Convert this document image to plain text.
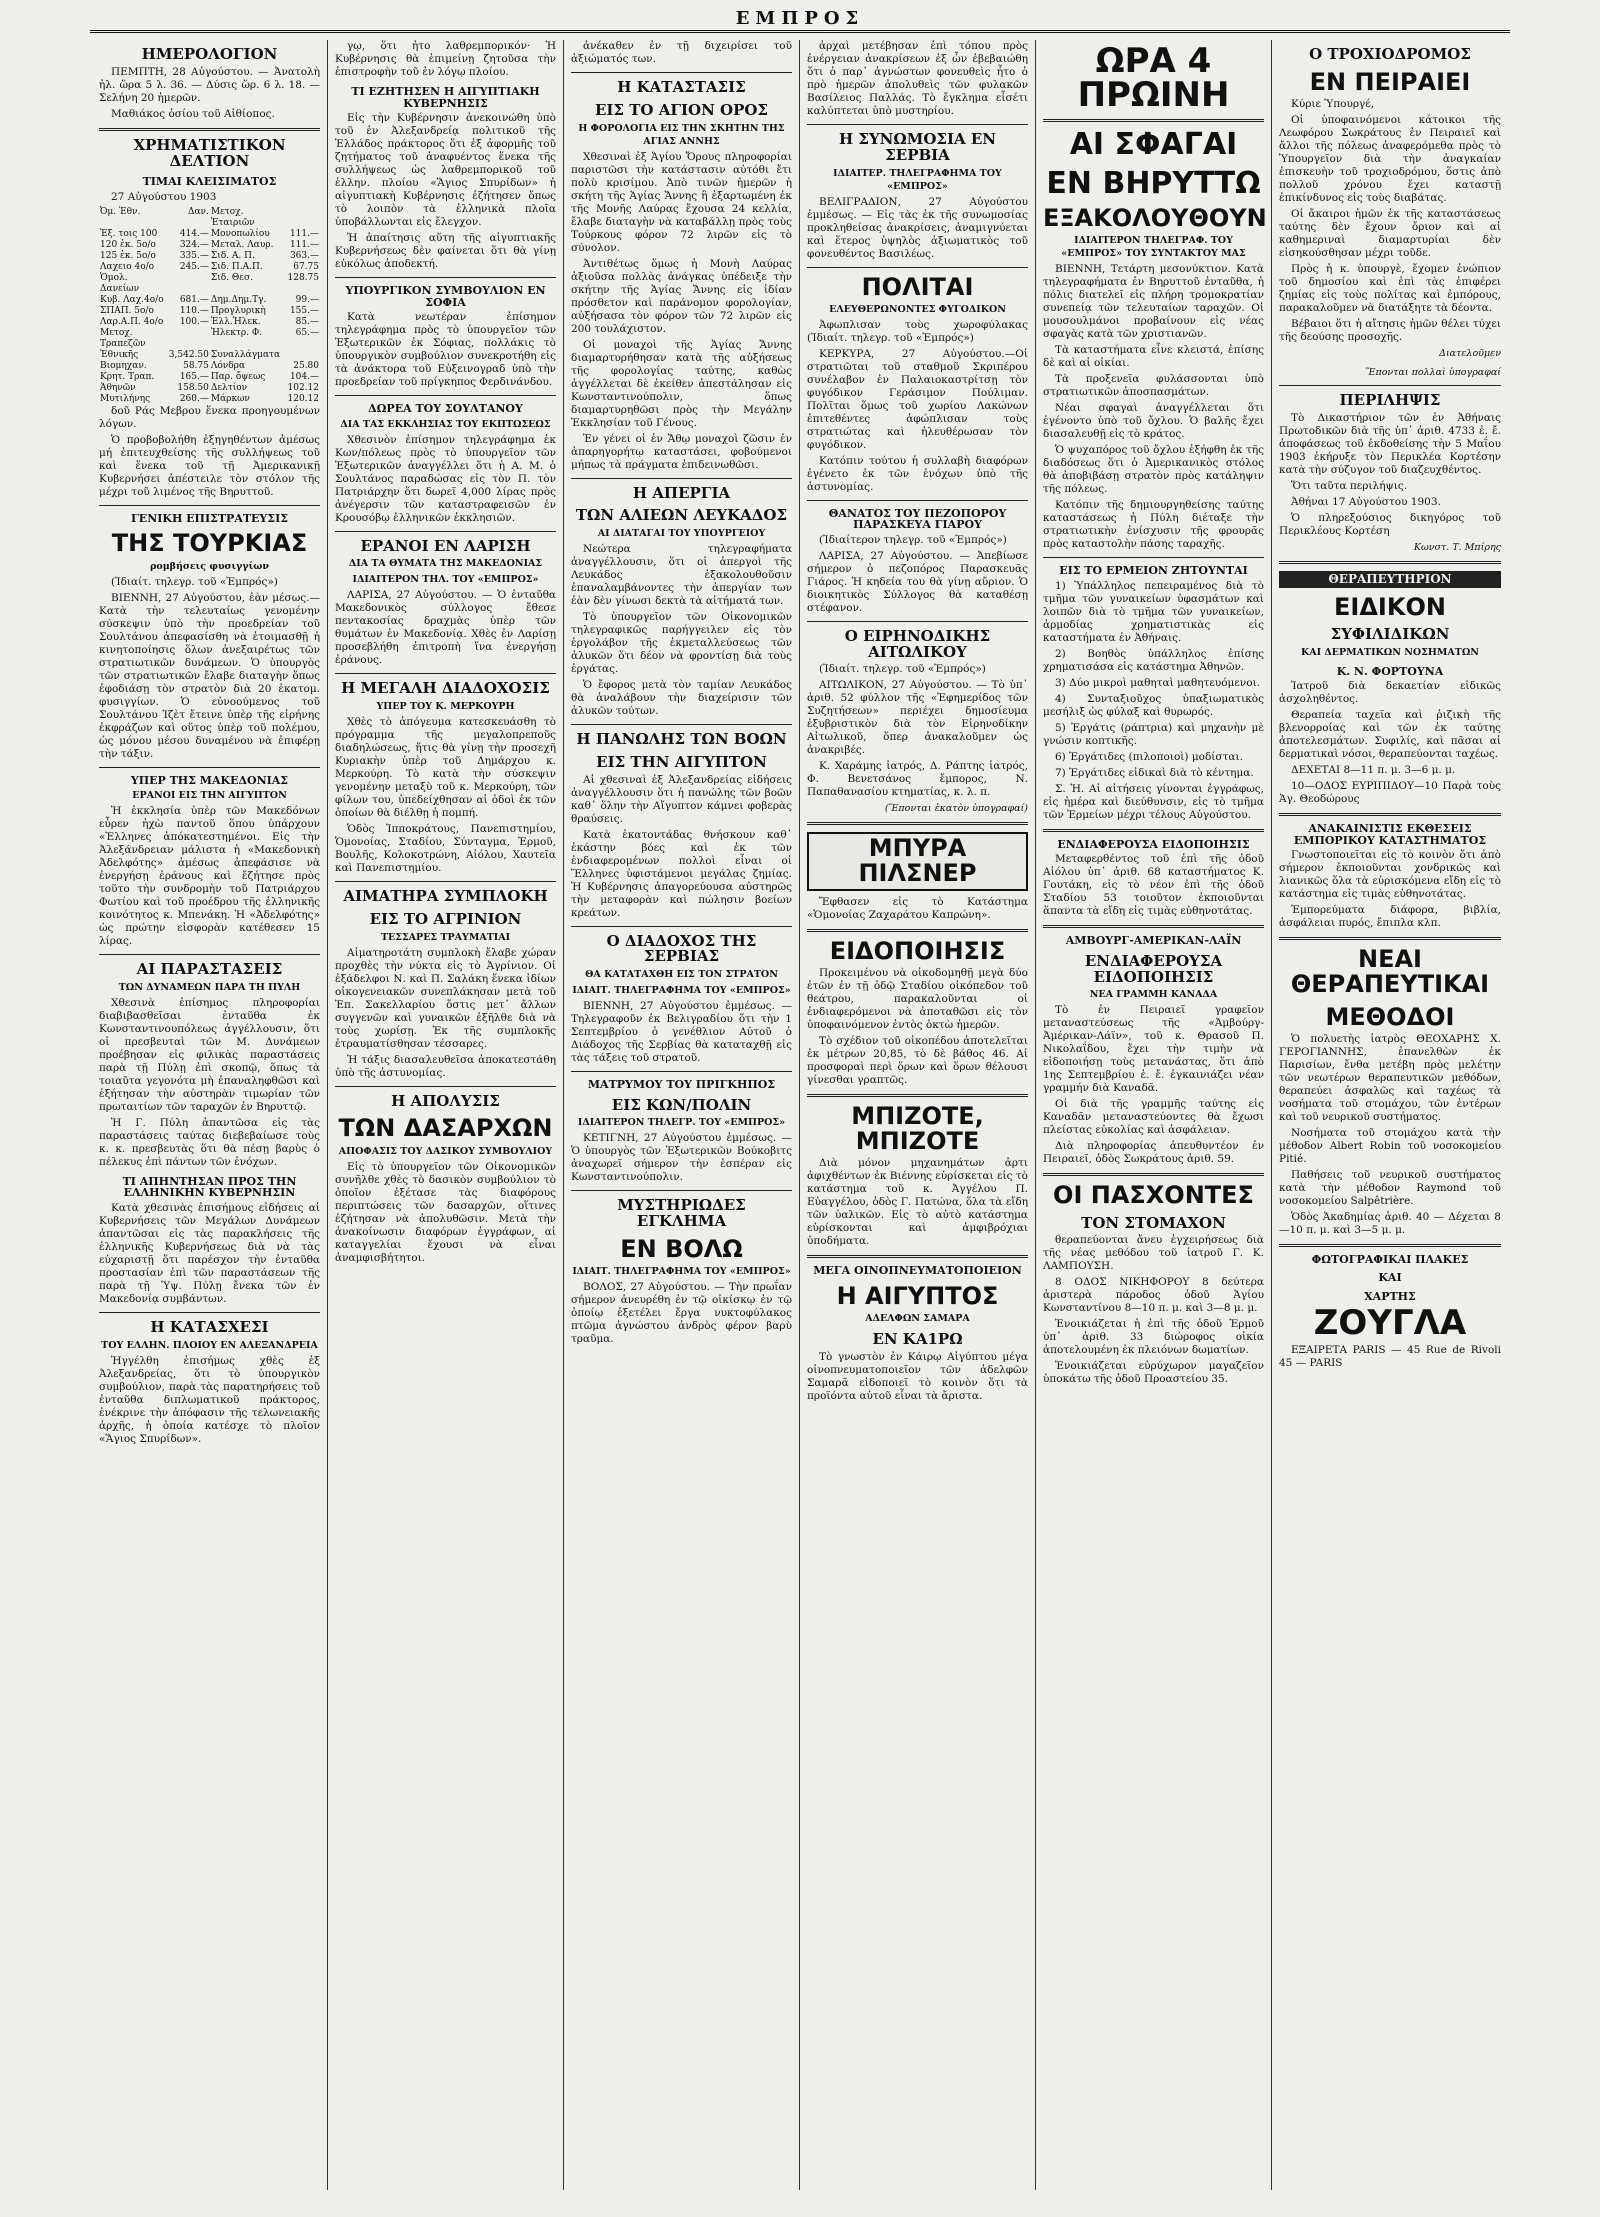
ΕΜΠΡΟΣ
ΗΜΕΡΟΛΟΓΙΟΝ
ΠΕΜΠΤΗ, 28 Αὐγούστου. — Ἀνατολὴ ἡλ. ὥρα 5 λ. 36. — Δύσις ὥρ. 6 λ. 18. — Σελήνη 20 ἡμερῶν.
Μαθιάκος ὁσίου τοῦ Αἰθίοπος.
ΧΡΗΜΑΤΙΣΤΙΚΟΝ ΔΕΛΤΙΟΝ
ΤΙΜΑΙ ΚΛΕΙΣΙΜΑΤΟΣ
27 Αὐγούστου 1903
Ὀμ. Ἐθν.	Δαν.	Μετοχ. Ἑταιριῶν	
Ἐξ. τοις 100	414.—	Μονοπωλίου	111.—
120 ἐκ. 5ο/ο	324.—	Μεταλ. Λαυρ.	111.—
125 ἐκ. 5ο/ο	335.—	Σιδ. Α. Π.	363.—
Λαχειο 4ο/ο	245.—	Σιδ. Π.Α.Π.	67.75
Ὁμολ. Δανείων		Σιδ. Θεσ.	128.75
Κυβ. Λαχ.4ο/ο	681.—	Δημ.Δημ.Τγ.	99.—
ΣΠΑΠ. 5ο/ο	110.—	Προγλυρικὴ	155.—
Λαρ.Α.Π. 4ο/ο	100.—	Ἑλλ.Ἠλεκ.	85.—
Μετοχ. Τραπεζῶν		Ἠλεκτρ. Φ.	65.—
Ἐθνικῆς	3,542.50	Συναλλάγματα	
Βιομηχαν.	58.75	Λόνδρα	25.80
Κρητ. Τραπ.	165.—	Παρ. ὄψεως	104.—
Ἀθηνῶν	158.50	Δελτίον	102.12
Μυτιλήνης	260.—	Μάρκων	120.12
δοῦ Ράς Μεβρου ἕνεκα προηγουμένων λόγων.
Ὁ προβοβολήθη ἐξηγηθέντων ἀμέσως μή ἐπιτευχθείσης τῆς συλλήψεως τοῦ καὶ ἕνεκα τοῦ τῇ Ἀμερικανικῇ Κυβερνήσει ἀπέστειλε τὸν στόλον τῆς μέχρι τοῦ λιμένος τῆς Βηρυττοῦ.
ΓΕΝΙΚΗ ΕΠΙΣΤΡΑΤΕΥΣΙΣ
ΤΗΣ ΤΟΥΡΚΙΑΣ
ρομβήσεις φυσιγγίων
(Ἰδιαίτ. τηλεγρ. τοῦ «Ἐμπρός»)
ΒΙΕΝΝΗ, 27 Αὐγούστου, ἐὰν μέσως.—Κατὰ τὴν τελευταίως γενομένην σύσκεψιν ὑπὸ τὴν προεδρείαν τοῦ Σουλτάνου ἀπεφασίσθη νὰ ἑτοιμασθῇ ἡ κινητοποίησις ὅλων ἀνεξαιρέτως τῶν στρατιωτικῶν δυνάμεων. Ὁ ὑπουργὸς τῶν στρατιωτικῶν ἔλαβε διαταγὴν ὅπως ἐφοδιάσῃ τὸν στρατὸν διὰ 20 ἑκατομ. φυσιγγίων. Ὁ εὐνοούμενος τοῦ Σουλτάνου Ἰζὲτ ἔτεινε ὑπὲρ τῆς εἰρήνης ἐκφράζων καὶ οὕτος ὑπὲρ τοῦ πολέμου, ὡς μόνου μέσου δυναμένου νὰ ἐπιφέρῃ τὴν τάξιν.
ΥΠΕΡ ΤΗΣ ΜΑΚΕΔΟΝΙΑΣ
ΕΡΑΝΟΙ ΕΙΣ ΤΗΝ ΑΙΓΥΠΤΟΝ
Ἡ ἐκκλησία ὑπὲρ τῶν Μακεδόνων εὗρεν ἠχὼ παντοῦ ὅπου ὑπάρχουν «Ἑλληνες ἀπόκατεστημένοι. Εἰς τὴν Ἀλεξάνδρειαν μάλιστα ἡ «Μακεδονικὴ Ἀδελφότης» ἀμέσως ἀπεφάσισε νὰ ἐνεργήσῃ ἐράνους καὶ ἔζήτησε πρὸς τοῦτο τὴν συνδρομὴν τοῦ Πατριάρχου Φωτίου καὶ τοῦ προέδρου τῆς ἑλληνικῆς κοινότητος κ. Μπενάκη. Ἡ «Ἀδελφότης» ὡς πρώτην εἰσφορὰν κατέθεσεν 15 λίρας.
ΑΙ ΠΑΡΑΣΤΑΣΕΙΣ
ΤΩΝ ΔΥΝΑΜΕΩΝ ΠΑΡΑ ΤΗ ΠΥΛΗ
Χθεσινὰ ἐπίσημος πληροφορίαι διαβιβασθεῖσαι ἐνταῦθα ἐκ Κωνσταντινουπόλεως ἀγγέλλουσιν, ὅτι οἱ πρεσβευταὶ τῶν Μ. Δυνάμεων προέβησαν εἰς φιλικὰς παραστάσεις παρὰ τῇ Πύλῃ ἐπὶ σκοπῷ, ὅπως τὰ τοιαῦτα γεγονότα μὴ ἐπαναληφθῶσι καὶ ἐξήτησαν τὴν αὐστηρὰν τιμωρίαν τῶν πρωταιτίων τῶν ταραχῶν ἐν Βηρυττῷ.
Ἡ Γ. Πύλη ἀπαντῶσα εἰς τὰς παραστάσεις ταύτας διεβεβαίωσε τοὺς κ. κ. πρεσβευτὰς ὅτι θὰ πέσῃ βαρὺς ὁ πέλεκυς ἐπὶ πάντων τῶν ἐνόχων.
ΤΙ ΑΠΗΝΤΗΣΑΝ ΠΡΟΣ ΤΗΝ ΕΛΛΗΝΙΚΗΝ ΚΥΒΕΡΝΗΣΙΝ
Κατὰ χθεσινὰς ἐπισήμους εἰδήσεις αἱ Κυβερνήσεις τῶν Μεγάλων Δυνάμεων ἀπαντῶσαι εἰς τὰς παρακλήσεις τῆς ἑλληνικῆς Κυβερνήσεως διὰ νὰ τὰς εὐχαριστῇ ὅτι παρέσχον τὴν ἐνταῦθα προστασίαν ἐπὶ τῶν παραστάσεων τῆς παρὰ τῇ Ὑψ. Πύλῃ ἔνεκα τῶν ἐν Μακεδονίᾳ συμβάντων.
Η ΚΑΤΑΣΧΕΣΙ
ΤΟΥ ΕΛΛΗΝ. ΠΛΟΙΟΥ ΕΝ ΑΛΕΞΑΝΔΡΕΙΑ
Ἠγγέλθη ἐπισήμως χθὲς ἐξ Ἀλεξανδρείας, ὅτι τὸ ὑπουργικὸν συμβούλιον, παρὰ τὰς παρατηρήσεις τοῦ ἐνταῦθα διπλωματικοῦ πράκτορος, ἐνέκρινε τὴν ἀπόφασιν τῆς τελωνειακῆς ἀρχῆς, ἡ ὁποία κατέσχε τὸ πλοῖον «Ἅγιος Σπυρίδων».
γῳ, ὅτι ἦτο λαθρεμπορικόν· Ἡ Κυβέρνησις θὰ ἐπιμείνῃ ζητοῦσα τὴν ἐπιστροφὴν τοῦ ἐν λόγῳ πλοίου.
ΤΙ ΕΖΗΤΗΣΕΝ Η ΑΙΓΥΠΤΙΑΚΗ ΚΥΒΕΡΝΗΣΙΣ
Εἰς τὴν Κυβέρνησιν ἀνεκοινώθη ὑπὸ τοῦ ἐν Ἀλεξανδρείᾳ πολιτικοῦ τῆς Ἑλλάδος πράκτορος ὅτι ἐξ ἀφορμῆς τοῦ ζητήματος τοῦ ἀναφυέντος ἕνεκα τῆς συλλήψεως ὡς λαθρεμπορικοῦ τοῦ ἑλλην. πλοίου «Ἅγιος Σπυρίδων» ἡ αἰγυπτιακὴ Κυβέρνησις ἐζήτησεν ὅπως τὸ λοιπὸν τὰ ἑλληνικὰ πλοῖα ὑποβάλλωνται εἰς ἔλεγχον.
Ἡ ἀπαίτησις αὕτη τῆς αἰγυπτιακῆς Κυβερνήσεως δὲν φαίνεται ὅτι θὰ γίνῃ εὐκόλως ἀποδεκτή.
ΥΠΟΥΡΓΙΚΟΝ ΣΥΜΒΟΥΛΙΟΝ ΕΝ ΣΟΦΙΑ
Κατὰ νεωτέραν ἐπίσημον τηλεγράφημα πρὸς τὸ ὑπουργεῖον τῶν Ἐξωτερικῶν ἐκ Σόφιας, πολλάκις τὸ ὑπουργικὸν συμβούλιον συνεκροτήθη εἰς τὰ ἀνάκτορα τοῦ Εὐξεινογραδ ὑπὸ τὴν προεδρείαν τοῦ πρίγκηπος Φερδινάνδου.
ΔΩΡΕΑ ΤΟΥ ΣΟΥΛΤΑΝΟΥ
ΔΙΑ ΤΑΣ ΕΚΚΛΗΣΙΑΣ ΤΟΥ ΕΚΠΤΩΣΕΩΣ
Χθεσινὸν ἐπίσημον τηλεγράφημα ἐκ Κων/πόλεως πρὸς τὸ ὑπουργεῖον τῶν Ἐξωτερικῶν ἀναγγέλλει ὅτι ἡ Α. Μ. ὁ Σουλτάνος παραδώσας εἰς τὸν Π. τὸν Πατριάρχην ὅτι δωρεῖ 4,000 λίρας πρὸς ἀνέγερσιν τῶν καταστραφεισῶν ἐν Κρουσόβῳ ἑλληνικῶν ἐκκλησιῶν.
ΕΡΑΝΟΙ ΕΝ ΛΑΡΙΣΗ
ΔΙΑ ΤΑ ΘΥΜΑΤΑ ΤΗΣ ΜΑΚΕΔΟΝΙΑΣ
ΙΔΙΑΙΤΕΡΟΝ ΤΗΛ. ΤΟΥ «ΕΜΠΡΟΣ»
ΛΑΡΙΣΑ, 27 Αὐγούστου. — Ὁ ἐνταῦθα Μακεδονικὸς σύλλογος ἔθεσε πεντακοσίας δραχμὰς ὑπὲρ τῶν θυμάτων ἐν Μακεδονίᾳ. Χθὲς ἐν Λαρίσῃ προσεβλήθη ἐπιτροπὴ ἵνα ἐνεργήσῃ ἐράνους.
Η ΜΕΓΑΛΗ ΔΙΑΔΟΧΟΣΙΣ
ΥΠΕΡ ΤΟΥ Κ. ΜΕΡΚΟΥΡΗ
Χθὲς τὸ ἀπόγευμα κατεσκευάσθη τὸ πρόγραμμα τῆς μεγαλοπρεποῦς διαδηλώσεως, ἥτις θὰ γίνῃ τὴν προσεχῆ Κυριακὴν ὑπὲρ τοῦ Δημάρχου κ. Μερκούρη. Τὸ κατὰ τὴν σύσκεψιν γενομένην μεταξὺ τοῦ κ. Μερκούρη, τῶν φίλων του, ὑπεδείχθησαν αἱ ὁδοὶ ἐκ τῶν ὁποίων θὰ διέλθῃ ἡ πομπή.
Ὁδὸς Ἱπποκράτους, Πανεπιστημίου, Ὁμονοίας, Σταδίου, Σύνταγμα, Ἑρμοῦ, Βουλῆς, Κολοκοτρώνη, Αἰόλου, Χαυτεῖα καὶ Πανεπιστημίου.
ΑΙΜΑΤΗΡΑ ΣΥΜΠΛΟΚΗ
ΕΙΣ ΤΟ ΑΓΡΙΝΙΟΝ
ΤΕΣΣΑΡΕΣ ΤΡΑΥΜΑΤΙΑΙ
Αἱματηροτάτη συμπλοκὴ ἔλαβε χώραν προχθὲς τὴν νύκτα εἰς τὸ Ἀγρίνιον. Οἱ ἐξάδελφοι Ν. καὶ Π. Σαλάκη ἕνεκα ἰδίων οἰκογενειακῶν συνεπλάκησαν μετὰ τοῦ Ἐπ. Σακελλαρίου ὅστις μετ᾽ ἄλλων συγγενῶν καὶ γυναικῶν ἐξῆλθε διὰ νὰ τοὺς χωρίσῃ. Ἐκ τῆς συμπλοκῆς ἐτραυματίσθησαν τέσσαρες.
Ἡ τάξις διασαλευθεῖσα ἀποκατεστάθη ὑπὸ τῆς ἀστυνομίας.
Η ΑΠΟΛΥΣΙΣ
ΤΩΝ ΔΑΣΑΡΧΩΝ
ΑΠΟΦΑΣΙΣ ΤΟΥ ΔΑΣΙΚΟΥ ΣΥΜΒΟΥΛΙΟΥ
Εἰς τὸ ὑπουργεῖον τῶν Οἰκονομικῶν συνῆλθε χθὲς τὸ δασικὸν συμβούλιον τὸ ὁποῖον ἐξέτασε τὰς διαφόρους περιπτώσεις τῶν δασαρχῶν, οἵτινες ἐζήτησαν νὰ ἀπολυθῶσιν. Μετὰ τὴν ἀνακοίνωσιν διαφόρων ἐγγράφων, αἱ καταγγελίαι ἔχουσι νὰ εἶναι ἀναμφισβήτητοι.
ἀνέκαθεν ἐν τῇ διχειρίσει τοῦ ἀξιώματός των.
Η ΚΑΤΑΣΤΑΣΙΣ
ΕΙΣ ΤΟ ΑΓΙΟΝ ΟΡΟΣ
Η ΦΟΡΟΛΟΓΙΑ ΕΙΣ ΤΗΝ ΣΚΗΤΗΝ ΤΗΣ ΑΓΙΑΣ ΑΝΝΗΣ
Χθεσιναὶ ἐξ Ἁγίου Ὄρους πληροφορίαι παριστῶσι τὴν κατάστασιν αὐτόθι ἔτι πολὺ κρισίμου. Ἀπὸ τινῶν ἡμερῶν ἡ σκήτη τῆς Ἁγίας Ἄννης ἢ ἐξαρτωμένη ἐκ τῆς Μονῆς Λαύρας ἔχουσα 24 κελλία, ἔλαβε διαταγὴν νὰ καταβάλλῃ πρὸς τοὺς Τούρκους φόρον 72 λιρῶν εἰς τὸ σύνολον.
Ἀντιθέτως ὅμως ἡ Μονὴ Λαύρας ἀξιοῦσα πολλὰς ἀνάγκας ὑπέδειξε τὴν σκήτην τῆς Ἁγίας Ἄννης εἰς ἰδίαν πρόσθετον καὶ παράνομον φορολογίαν, αὐξήσασα τὸν φόρον τῶν 72 λιρῶν εἰς 200 τουλάχιστον.
Οἱ μοναχοὶ τῆς Ἁγίας Ἄννης διαμαρτυρήθησαν κατὰ τῆς αὐξήσεως τῆς φορολογίας ταύτης, καθὼς ἀγγέλλεται δὲ ἐκείθεν ἀπεστάλησαν εἰς Κωνσταντινούπολιν, ὅπως διαμαρτυρηθῶσι πρὸς τὴν Μεγάλην Ἐκκλησίαν τοῦ Γένους.
Ἐν γένει οἱ ἐν Ἄθῳ μοναχοὶ ζῶσιν ἐν ἀπαρηγορήτῳ καταστάσει, φοβούμενοι μήπως τὰ πράγματα ἐπιδεινωθῶσι.
Η ΑΠΕΡΓΙΑ
ΤΩΝ ΑΛΙΕΩΝ ΛΕΥΚΑΔΟΣ
ΑΙ ΔΙΑΤΑΓΑΙ ΤΟΥ ΥΠΟΥΡΓΕΙΟΥ
Νεώτερα τηλεγραφήματα ἀναγγέλλουσιν, ὅτι οἱ ἀπεργοὶ τῆς Λευκάδος ἐξακολουθοῦσιν ἐπαναλαμβάνοντες τὴν ἀπεργίαν των ἐὰν δὲν γίνωσι δεκτὰ τὰ αἰτήματά των.
Τὸ ὑπουργεῖον τῶν Οἰκονομικῶν τηλεγραφικῶς παρήγγειλεν εἰς τὸν ἐργολάβον τῆς ἐκμεταλλεύσεως τῶν ἀλυκῶν ὅτι δέον νὰ φροντίσῃ διὰ τοὺς ἐργάτας.
Ὁ ἔφορος μετὰ τὸν ταμίαν Λευκάδος θὰ ἀναλάβουν τὴν διαχείρισιν τῶν ἀλυκῶν τούτων.
Η ΠΑΝΩΛΗΣ ΤΩΝ ΒΟΩΝ
ΕΙΣ ΤΗΝ ΑΙΓΥΠΤΟΝ
Αἱ χθεσιναὶ ἐξ Ἀλεξανδρείας εἰδήσεις ἀναγγέλλουσιν ὅτι ἡ πανώλης τῶν βοῶν καθ᾽ ὅλην τὴν Αἴγυπτον κάμνει φοβερὰς θραύσεις.
Κατὰ ἑκατοντάδας θνήσκουν καθ᾽ ἑκάστην βόες καὶ ἐκ τῶν ἐνδιαφερομένων πολλοὶ εἶναι οἱ Ἕλληνες ὑφιστάμενοι μεγάλας ζημίας. Ἡ Κυβέρνησις ἀπαγορεύουσα αὐστηρῶς τὴν μεταφορὰν καὶ πώλησιν βοείων κρεάτων.
Ο ΔΙΑΔΟΧΟΣ ΤΗΣ ΣΕΡΒΙΑΣ
ΘΑ ΚΑΤΑΤΑΧΘΗ ΕΙΣ ΤΟΝ ΣΤΡΑΤΟΝ
ΙΔΙΑΙΤ. ΤΗΛΕΓΡΑΦΗΜΑ ΤΟΥ «ΕΜΠΡΟΣ»
ΒΙΕΝΝΗ, 27 Αὐγούστου ἐμμέσως. — Τηλεγραφοῦν ἐκ Βελιγραδίου ὅτι τὴν 1 Σεπτεμβρίου ὁ γενέθλιον Αὐτοῦ ὁ Διάδοχος τῆς Σερβίας θὰ καταταχθῇ εἰς τὰς τάξεις τοῦ στρατοῦ.
ΜΑΤΡΥΜΟΥ ΤΟΥ ΠΡΙΓΚΗΠΟΣ
ΕΙΣ ΚΩΝ/ΠΟΛΙΝ
ΙΔΙΑΙΤΕΡΟΝ ΤΗΛΕΓΡ. ΤΟΥ «ΕΜΠΡΟΣ»
ΚΕΤΙΓΝΗ, 27 Αὐγούστου ἐμμέσως. — Ὁ ὑπουργὸς τῶν Ἐξωτερικῶν Βούκοβιτς ἀναχωρεῖ σήμερον τὴν ἑσπέραν εἰς Κωνσταντινούπολιν.
ΜΥΣΤΗΡΙΩΔΕΣ ΕΓΚΛΗΜΑ
ΕΝ ΒΟΛΩ
ΙΔΙΑΙΤ. ΤΗΛΕΓΡΑΦΗΜΑ ΤΟΥ «ΕΜΠΡΟΣ»
ΒΟΛΟΣ, 27 Αὐγούστου. — Τὴν πρωΐαν σήμερον ἀνευρέθη ἐν τῷ οἰκίσκῳ ἐν τῷ ὁποίῳ ἐξετέλει ἔργα νυκτοφύλακος πτῶμα ἀγνώστου ἀνδρὸς φέρον βαρὺ τραῦμα.
ἀρχαὶ μετέβησαν ἐπὶ τόπου πρὸς ἐνέργειαν ἀνακρίσεων ἐξ ὧν ἐβεβαιώθη ὅτι ὁ παρ᾽ ἀγνώστων φονευθεὶς ἦτο ὁ πρὸ ἡμερῶν ἀπολυθεὶς τῶν φυλακῶν Βασίλειος Παλλάς. Τὸ ἔγκλημα εἶσέτι καλύπτεται ὑπὸ μυστηρίου.
Η ΣΥΝΩΜΟΣΙΑ ΕΝ ΣΕΡΒΙΑ
ΙΔΙΑΙΤΕΡ. ΤΗΛΕΓΡΑΦΗΜΑ ΤΟΥ «ΕΜΠΡΟΣ»
ΒΕΛΙΓΡΑΔΙΟΝ, 27 Αὐγούστου ἐμμέσως. — Εἰς τὰς ἐκ τῆς συνωμοσίας προκληθείσας ἀνακρίσεις, ἀναμιγνύεται καὶ ἕτερος ὑψηλὸς ἀξιωματικὸς τοῦ φονευθέντος Βασιλέως.
ΠΟΛΙΤΑΙ
ΕΛΕΥΘΕΡΩΝΟΝΤΕΣ ΦΥΓΟΔΙΚΟΝ
Ἀφωπλισαν τοὺς χωροφύλακας (Ἰδιαίτ. τηλεγρ. τοῦ «Ἐμπρός»)
ΚΕΡΚΥΡΑ, 27 Αὐγούστου.—Οἱ στρατιῶται τοῦ σταθμοῦ Σκριπέρου συνέλαβον ἐν Παλαιοκαστρίτσῃ τὸν φυγόδικον Γεράσιμον Πούλιμαν. Πολῖται ὅμως τοῦ χωρίου Λακώνων ἐπιτεθέντες ἀφώπλισαν τοὺς στρατιώτας καὶ ἠλευθέρωσαν τὸν φυγόδικον.
Κατόπιν τούτου ἡ συλλαβὴ διαφόρων ἐγένετο ἐκ τῶν ἐνόχων ὑπὸ τῆς ἀστυνομίας.
ΘΑΝΑΤΟΣ ΤΟΥ ΠΕΖΟΠΟΡΟΥ ΠΑΡΑΣΚΕΥΑ ΓΙΑΡΟΥ
(Ἰδιαίτερον τηλεγρ. τοῦ «Ἐμπρός»)
ΛΑΡΙΣΑ, 27 Αὐγούστου. — Ἀπεβίωσε σήμερον ὁ πεζοπόρος Παρασκευᾶς Γιάρος. Ἡ κηδεία του θὰ γίνῃ αὔριον. Ὁ διοικητικὸς Σύλλογος θὰ καταθέσῃ στέφανον.
Ο ΕΙΡΗΝΟΔΙΚΗΣ ΑΙΤΩΛΙΚΟΥ
(Ἰδιαίτ. τηλεγρ. τοῦ «Ἐμπρός»)
ΑΙΤΩΛΙΚΟΝ, 27 Αὐγούστου. — Τὸ ὑπ᾽ ἀριθ. 52 φύλλον τῆς «Ἐφημερίδος τῶν Συζητήσεων» περιέχει δημοσίευμα ἐξυβριστικὸν διὰ τὸν Εἰρηνοδίκην Αἰτωλικοῦ, ὅπερ ἀνακαλοῦμεν ὡς ἀνακριβές.
Κ. Χαράμης ἰατρός, Δ. Ράπτης ἰατρός, Φ. Βενετσάνος ἔμπορος, Ν. Παπαθανασίου κτηματίας, κ. λ. π.
(Ἕπονται ἑκατὸν ὑπογραφαί)
ΜΠΥΡΑ ΠΙΛΣΝΕΡ
Ἔφθασεν εἰς τὸ Κατάστημα «Ὁμονοίας Ζαχαράτου Καπρώνη».
ΕΙΔΟΠΟΙΗΣΙΣ
Προκειμένου νὰ οἰκοδομηθῇ μεγὰ δύο ἐτῶν ἐν τῇ ὁδῷ Σταδίου οἰκόπεδον τοῦ θεάτρου, παρακαλοῦνται οἱ ἐνδιαφερόμενοι νὰ ἀποταθῶσι εἰς τὸν ὑποφαινόμενον ἐντὸς ὀκτὼ ἡμερῶν.
Τὸ σχέδιον τοῦ οἰκοπέδου ἀποτελεῖται ἐκ μέτρων 20,85, τὸ δὲ βάθος 46. Αἱ προσφοραὶ περὶ ὅρων καὶ ὅρων θέλουσι γίνεσθαι γραπτῶς.
ΜΠΙΖΟΤΕ, ΜΠΙΖΟΤΕ
Διὰ μόνον μηχανημάτων ἀρτι ἀφιχθέντων ἐκ Βιέννης εὑρίσκεται εἰς τὸ κατάστημα τοῦ κ. Ἀγγέλου Π. Εὐαγγέλου, ὁδὸς Γ. Πατώνα, ὅλα τὰ εἴδη τῶν ὑαλικῶν. Εἰς τὸ αὐτὸ κατάστημα εὑρίσκονται καὶ ἀμφιβρόχιαι ὑποδήματα.
ΜΕΓΑ ΟΙΝΟΠΝΕΥΜΑΤΟΠΟΙΕΙΟΝ
Η ΑΙΓΥΠΤΟΣ
ΑΔΕΛΦΩΝ ΣΑΜΑΡΑ
ΕΝ ΚΑ1ΡΩ
Τὸ γνωστὸν ἐν Κάιρῳ Αἰγύπτου μέγα οἰνοπνευματοποιεῖον τῶν ἀδελφῶν Σαμαρᾶ εἰδοποιεῖ τὸ κοινὸν ὅτι τὰ προϊόντα αὐτοῦ εἶναι τὰ ἄριστα.
ΩΡΑ 4 ΠΡΩΙΝΗ
ΑΙ ΣΦΑΓΑΙ
ΕΝ ΒΗΡΥΤΤΩ
ΕΞΑΚΟΛΟΥΘΟΥΝ
ΙΔΙΑΙΤΕΡΟΝ ΤΗΛΕΓΡΑΦ. ΤΟΥ «ΕΜΠΡΟΣ» ΤΟΥ ΣΥΝΤΑΚΤΟΥ ΜΑΣ
ΒΙΕΝΝΗ, Τετάρτη μεσονύκτιον. Κατὰ τηλεγραφήματα ἐν Βηρυττοῦ ἐνταῦθα, ἡ πόλις διατελεῖ εἰς πλήρη τρομοκρατίαν συνεπείᾳ τῶν τελευταίων ταραχῶν. Οἱ μουσουλμάνοι προβαίνουν εἰς νέας σφαγὰς κατὰ τῶν χριστιανῶν.
Τὰ καταστήματα εἶνε κλειστά, ἐπίσης δὲ καὶ αἱ οἰκίαι.
Τὰ προξενεῖα φυλάσσονται ὑπὸ στρατιωτικῶν ἀποσπασμάτων.
Νέαι σφαγαὶ ἀναγγέλλεται ὅτι ἐγένοντο ὑπὸ τοῦ ὄχλου. Ὁ βαλῆς ἔχει διασαλευθῇ εἰς τὸ κράτος.
Ὁ ψυχαπόρος τοῦ ὄχλου ἐξήφθη ἐκ τῆς διαδόσεως ὅτι ὁ Ἀμερικανικὸς στόλος θὰ ἀποβιβάσῃ στρατὸν πρὸς κατάληψιν τῆς πόλεως.
Κατόπιν τῆς δημιουργηθείσης ταύτης καταστάσεως ἡ Πύλη διέταξε τὴν στρατιωτικὴν ἐνίσχυσιν τῆς φρουρᾶς πρὸς καταστολὴν πάσης ταραχῆς.
ΕΙΣ ΤΟ ΕΡΜΕΙΟΝ ΖΗΤΟΥΝΤΑΙ
1) Ὑπάλληλος πεπειραμένος διὰ τὸ τμῆμα τῶν γυναικείων ὑφασμάτων καὶ λοιπῶν διὰ τὸ τμῆμα τῶν γυναικείων, ἀρμοδίας χρηματιστικὰς εἰς καταστήματα ἐν Ἀθήναις.
2) Βοηθὸς ὑπάλληλος ἐπίσης χρηματισάσα εἰς κατάστημα Ἀθηνῶν.
3) Δύο μικροὶ μαθηταὶ μαθητευόμενοι.
4) Συνταξιοῦχος ὑπαξιωματικὸς μεσήλιξ ὡς φύλαξ καὶ θυρωρός.
5) Ἐργάτις (ράπτρια) καὶ μηχανὴν μὲ γνώσιν κοπτικῆς.
6) Ἐργάτιδες (πιλοποιοὶ) μοδίσται.
7) Ἐργάτιδες εἰδικαὶ διὰ τὸ κέντημα.
Σ. Ἡ. Αἱ αἰτήσεις γίνονται ἐγγράφως, εἰς ἡμέρα καὶ διεύθυνσιν, εἰς τὸ τμῆμα τῶν Ἐρμείων μέχρι τέλους Αὐγούστου.
ΕΝΔΙΑΦΕΡΟΥΣΑ ΕΙΔΟΠΟΙΗΣΙΣ
Μεταφερθέντος τοῦ ἐπὶ τῆς ὁδοῦ Αἰόλου ὑπ᾽ ἀριθ. 68 καταστήματος Κ. Γουτάκη, εἰς τὸ νέον ἐπὶ τῆς ὁδοῦ Σταδίου 53 τοιοῦτον ἐκποιοῦνται ἅπαντα τὰ εἴδη εἰς τιμὰς εὐθηνοτάτας.
ΑΜΒΟΥΡΓ-ΑΜΕΡΙΚΑΝ-ΛΑΪΝ
ΕΝΔΙΑΦΕΡΟΥΣΑ ΕΙΔΟΠΟΙΗΣΙΣ
ΝΕΑ ΓΡΑΜΜΗ ΚΑΝΑΔΑ
Τὸ ἐν Πειραιεῖ γραφεῖον μεταναστεύσεως τῆς «Ἀμβούργ-Ἀμέρικαν-Λάϊν», τοῦ κ. Θρασοῦ Π. Νικολαΐδου, ἔχει τὴν τιμὴν νὰ εἰδοποιήσῃ τοὺς μετανάστας, ὅτι ἀπὸ 1ης Σεπτεμβρίου ἐ. ἔ. ἐγκαινιάζει νέαν γραμμήν διὰ Καναδᾶ.
Οἱ διὰ τῆς γραμμῆς ταύτης εἰς Καναδᾶν μεταναστεύοντες θὰ ἔχωσι πλείστας εὐκολίας καὶ ἀσφάλειαν.
Διὰ πληροφορίας ἀπευθυντέον ἐν Πειραιεῖ, ὁδὸς Σωκράτους ἀριθ. 59.
ΟΙ ΠΑΣΧΟΝΤΕΣ
ΤΟΝ ΣΤΟΜΑΧΟΝ
θεραπεύονται ἄνευ ἐγχειρήσεως διὰ τῆς νέας μεθόδου τοῦ ἰατροῦ Γ. Κ. ΛΑΜΠΟΥΣΗ.
8 ΟΔΟΣ ΝΙΚΗΦΟΡΟΥ 8 δεύτερα ἀριστερὰ πάροδος ὁδοῦ Ἁγίου Κωνσταντίνου 8—10 π. μ. καὶ 3—8 μ. μ.
Ἐνοικιάζεται ἡ ἐπὶ τῆς ὁδοῦ Ἑρμοῦ ὑπ᾽ ἀριθ. 33 διώροφος οἰκία ἀποτελουμένη ἐκ πλειόνων δωματίων.
Ἐνοικιάζεται εὐρύχωρον μαγαζεῖον ὑποκάτω τῆς ὁδοῦ Προαστείου 35.
Ο ΤΡΟΧΙΟΔΡΟΜΟΣ
ΕΝ ΠΕΙΡΑΙΕΙ
Κύριε Ὑπουργέ,
Οἱ ὑποφαινόμενοι κάτοικοι τῆς Λεωφόρου Σωκράτους ἐν Πειραιεῖ καὶ ἄλλοι τῆς πόλεως ἀναφερόμεθα πρὸς τὸ Ὑπουργεῖον διὰ τὴν ἀναγκαίαν ἐπισκευὴν τοῦ τροχιοδρόμου, ὅστις ἀπὸ πολλοῦ χρόνου ἔχει καταστῇ ἐπικίνδυνος εἰς τοὺς διαβάτας.
Οἱ ἄκαιροι ἡμῶν ἐκ τῆς καταστάσεως ταύτης δὲν ἔχουν ὄριον καὶ αἱ καθημεριναὶ διαμαρτυρίαι δὲν εἰσηκούσθησαν μέχρι τοῦδε.
Πρὸς ἡ κ. ὑπουργὲ, ἔχομεν ἐνώπιον τοῦ δημοσίου καὶ ἐπὶ τὰς ἐπιφέρει ζημίας εἰς τοὺς πολίτας καὶ ἐμπόρους, παρακαλοῦμεν νὰ διατάξητε τὰ δέοντα.
Βέβαιοι ὅτι ἡ αἴτησις ἡμῶν θέλει τύχει τῆς δεούσης προσοχῆς.
Διατελοῦμεν
Ἕπονται πολλαὶ ὑπογραφαί
ΠΕΡΙΛΗΨΙΣ
Τὸ Δικαστήριον τῶν ἐν Ἀθήναις Πρωτοδικῶν διὰ τῆς ὑπ᾽ ἀριθ. 4733 ἐ. ἔ. ἀποφάσεως τοῦ ἐκδοθείσης τὴν 5 Μαΐου 1903 ἐκήρυξε τὸν Περικλέα Κορτέσην κατὰ τὴν σύζυγον τοῦ διαζευχθέντος.
Ὅτι ταῦτα περιλήψις.
Ἀθήναι 17 Αὐγούστου 1903.
Ὁ πληρεξούσιος δικηγόρος τοῦ Περικλέους Κορτέση
Κωνστ. Τ. Μπίρης
ΘΕΡΑΠΕΥΤΗΡΙΟΝ
ΕΙΔΙΚΟΝ
ΣΥΦΙΛΙΔΙΚΩΝ
ΚΑΙ ΔΕΡΜΑΤΙΚΩΝ ΝΟΣΗΜΑΤΩΝ
Κ. Ν. ΦΟΡΤΟΥΝΑ
Ἰατροῦ διὰ δεκαετίαν εἰδικῶς ἀσχοληθέντος.
Θεραπεία ταχεῖα καὶ ῥιζικὴ τῆς βλενορροίας καὶ τῶν ἐκ ταύτης ἀποτελεσμάτων. Συφιλίς, καὶ πᾶσαι αἱ δερματικαὶ νόσοι, θεραπεύονται ταχέως.
ΔΕΧΕΤΑΙ 8—11 π. μ. 3—6 μ. μ.
10—ΟΔΟΣ ΕΥΡΙΠΙΔΟΥ—10 Παρὰ τοὺς Ἁγ. Θεοδώρους
ΑΝΑΚΑΙΝΙΣΤΙΣ ΕΚΘΕΣΕΙΣ ΕΜΠΟΡΙΚΟΥ ΚΑΤΑΣΤΗΜΑΤΟΣ
Γνωστοποιεῖται εἰς τὸ κοινὸν ὅτι ἀπὸ σήμερον ἐκποιοῦνται χονδρικῶς καὶ λιανικῶς ὅλα τὰ εὑρισκόμενα εἴδη εἰς τὸ κατάστημα εἰς τιμὰς εὐθηνοτάτας.
Ἐμπορεύματα διάφορα, βιβλία, ἀσφάλειαι πυρός, ἔπιπλα κλπ.
ΝΕΑΙ ΘΕΡΑΠΕΥΤΙΚΑΙ
ΜΕΘΟΔΟΙ
Ὁ πολυετὴς ἰατρὸς ΘΕΟΧΑΡΗΣ Χ. ΓΕΡΟΓΙΑΝΝΗΣ, ἐπανελθὼν ἐκ Παρισίων, ἔνθα μετέβη πρὸς μελέτην τῶν νεωτέρων θεραπευτικῶν μεθόδων, θεραπεύει ἀσφαλῶς καὶ ταχέως τὰ νοσήματα τοῦ στομάχου, τῶν ἐντέρων καὶ τοῦ νευρικοῦ συστήματος.
Νοσήματα τοῦ στομάχου κατὰ τὴν μέθοδον Albert Robin τοῦ νοσοκομείου Pitié.
Παθήσεις τοῦ νευρικοῦ συστήματος κατὰ τὴν μέθοδον Raymond τοῦ νοσοκομείου Salpêtrière.
Ὁδὸς Ἀκαδημίας ἀριθ. 40 — Δέχεται 8—10 π. μ. καὶ 3—5 μ. μ.
ΦΩΤΟΓΡΑΦΙΚΑΙ ΠΛΑΚΕΣ
ΚΑΙ
ΧΑΡΤΗΣ
ΖΟΥΓΛΑ
ΕΞΑΙΡΕΤΑ PARIS — 45 Rue de Rivoli 45 — PARIS
